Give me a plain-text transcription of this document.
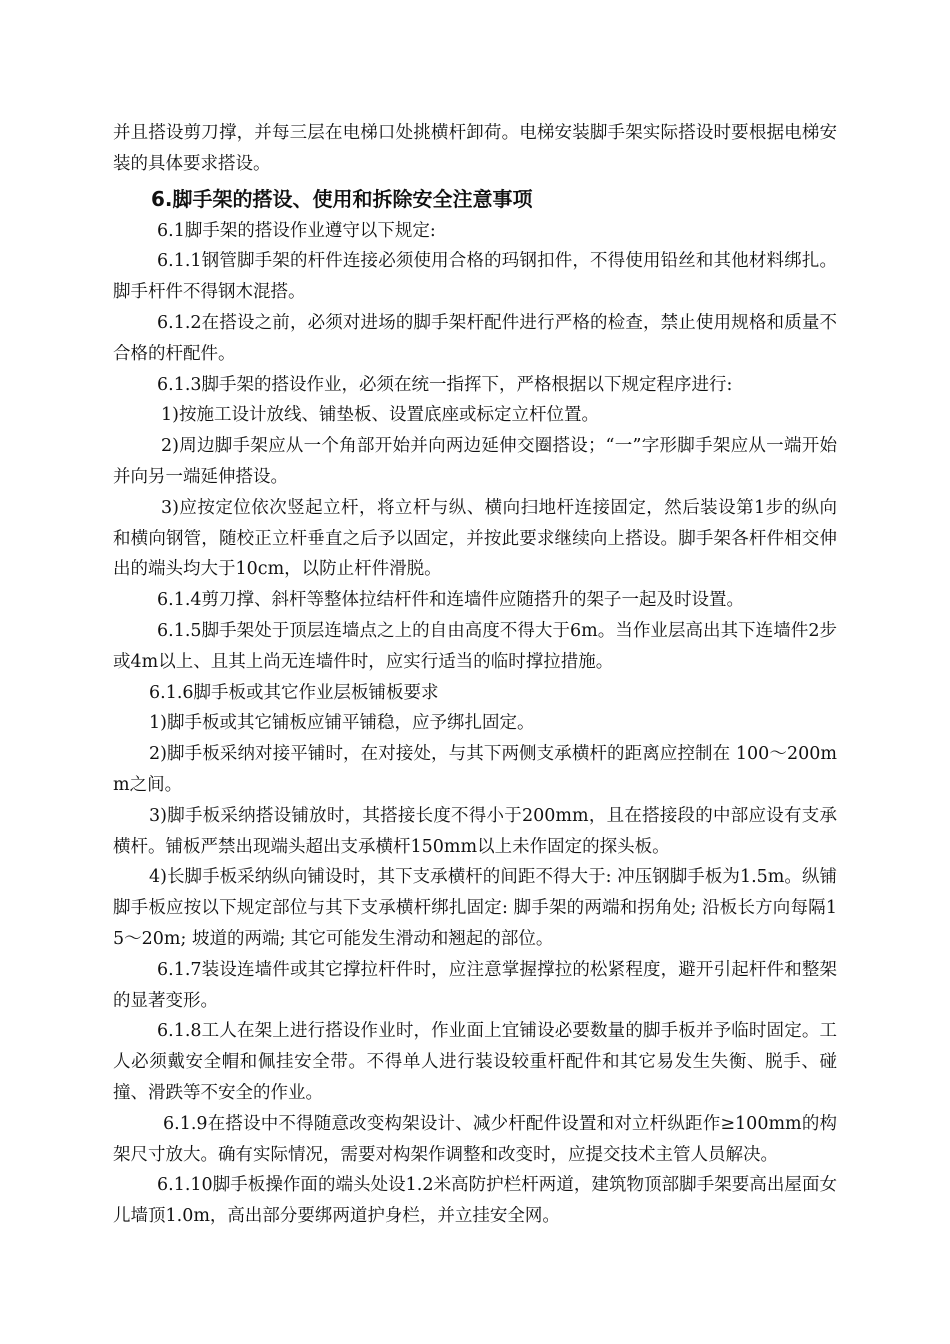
并且搭设剪刀撑，并每三层在电梯口处挑横杆卸荷。电梯安装脚手架实际搭设时要根据电梯安装的具体要求搭设。

6.脚手架的搭设、使用和拆除安全注意事项

6.1脚手架的搭设作业遵守以下规定:

6.1.1钢管脚手架的杆件连接必须使用合格的玛钢扣件，不得使用铅丝和其他材料绑扎。脚手杆件不得钢木混搭。

6.1.2在搭设之前，必须对进场的脚手架杆配件进行严格的检查，禁止使用规格和质量不合格的杆配件。

6.1.3脚手架的搭设作业，必须在统一指挥下，严格根据以下规定程序进行:

1)按施工设计放线、铺垫板、设置底座或标定立杆位置。

2)周边脚手架应从一个角部开始并向两边延伸交圈搭设；“一”字形脚手架应从一端开始并向另一端延伸搭设。

3)应按定位依次竖起立杆，将立杆与纵、横向扫地杆连接固定，然后装设第1步的纵向和横向钢管，随校正立杆垂直之后予以固定，并按此要求继续向上搭设。脚手架各杆件相交伸出的端头均大于10cm，以防止杆件滑脱。

6.1.4剪刀撑、斜杆等整体拉结杆件和连墙件应随搭升的架子一起及时设置。

6.1.5脚手架处于顶层连墙点之上的自由高度不得大于6m。当作业层高出其下连墙件2步或4m以上、且其上尚无连墙件时，应实行适当的临时撑拉措施。

6.1.6脚手板或其它作业层板铺板要求

1)脚手板或其它铺板应铺平铺稳，应予绑扎固定。

2)脚手板采纳对接平铺时，在对接处，与其下两侧支承横杆的距离应控制在 100～200mm之间。

3)脚手板采纳搭设铺放时，其搭接长度不得小于200mm，且在搭接段的中部应设有支承横杆。铺板严禁出现端头超出支承横杆150mm以上未作固定的探头板。

4)长脚手板采纳纵向铺设时，其下支承横杆的间距不得大于: 冲压钢脚手板为1.5m。纵铺脚手板应按以下规定部位与其下支承横杆绑扎固定: 脚手架的两端和拐角处; 沿板长方向每隔15～20m; 坡道的两端; 其它可能发生滑动和翘起的部位。

6.1.7装设连墙件或其它撑拉杆件时，应注意掌握撑拉的松紧程度，避开引起杆件和整架的显著变形。

6.1.8工人在架上进行搭设作业时，作业面上宜铺设必要数量的脚手板并予临时固定。工人必须戴安全帽和佩挂安全带。不得单人进行装设较重杆配件和其它易发生失衡、脱手、碰撞、滑跌等不安全的作业。

6.1.9在搭设中不得随意改变构架设计、减少杆配件设置和对立杆纵距作≥100mm的构架尺寸放大。确有实际情况，需要对构架作调整和改变时，应提交技术主管人员解决。

6.1.10脚手板操作面的端头处设1.2米高防护栏杆两道，建筑物顶部脚手架要高出屋面女儿墙顶1.0m，高出部分要绑两道护身栏，并立挂安全网。
